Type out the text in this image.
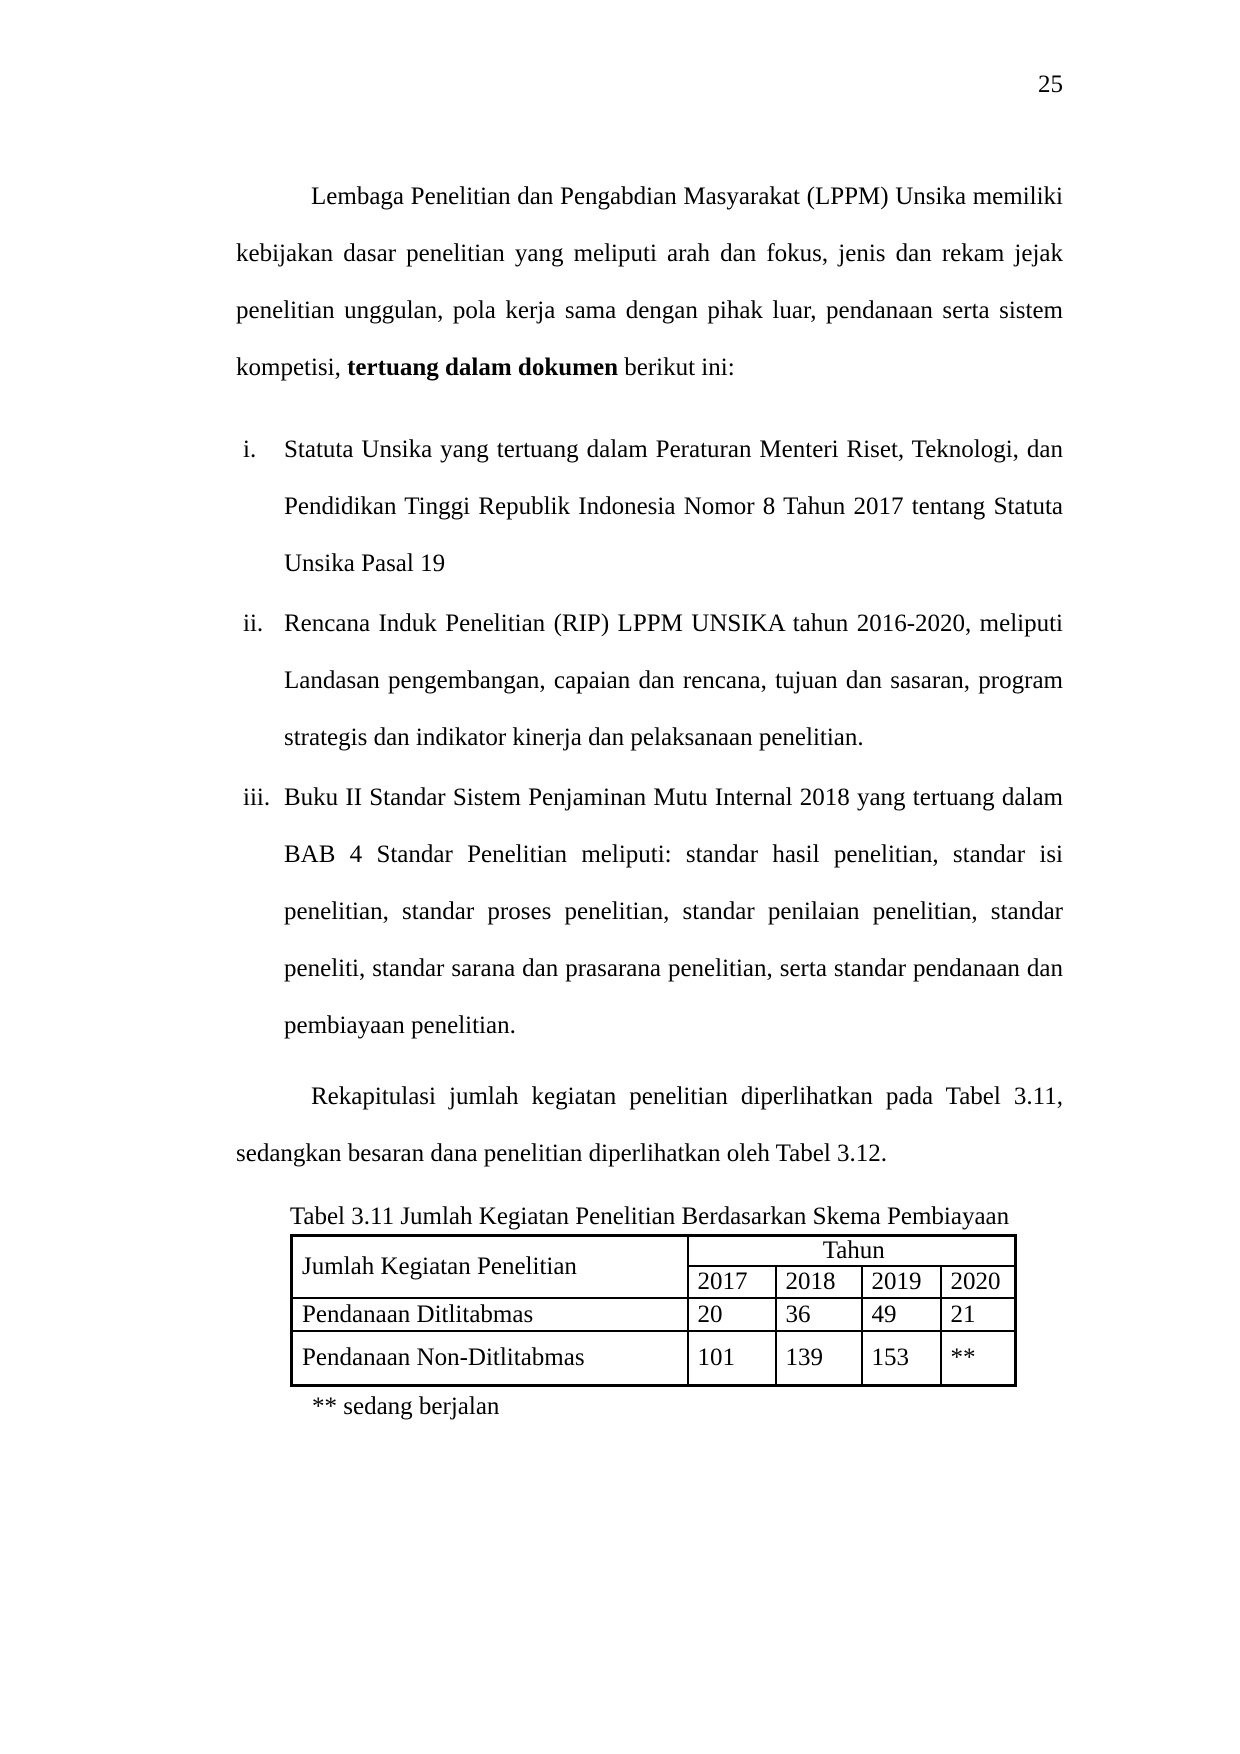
25
Lembaga Penelitian dan Pengabdian Masyarakat (LPPM) Unsika memiliki
kebijakan dasar penelitian yang meliputi arah dan fokus, jenis dan rekam jejak
penelitian unggulan, pola kerja sama dengan pihak luar, pendanaan serta sistem
kompetisi, tertuang dalam dokumen berikut ini:
i.	Statuta Unsika yang tertuang dalam Peraturan Menteri Riset, Teknologi, dan
Pendidikan Tinggi Republik Indonesia Nomor 8 Tahun 2017 tentang Statuta
Unsika Pasal 19
ii. Rencana Induk Penelitian (RIP) LPPM UNSIKA tahun 2016-2020, meliputi
Landasan pengembangan, capaian dan rencana, tujuan dan sasaran, program
strategis dan indikator kinerja dan pelaksanaan penelitian.
iii. Buku II Standar Sistem Penjaminan Mutu Internal 2018 yang tertuang dalam
BAB 4 Standar Penelitian meliputi: standar hasil penelitian, standar isi
penelitian, standar proses penelitian, standar penilaian penelitian, standar
peneliti, standar sarana dan prasarana penelitian, serta standar pendanaan dan
pembiayaan penelitian.
Rekapitulasi jumlah kegiatan penelitian diperlihatkan pada Tabel 3.11,
sedangkan besaran dana penelitian diperlihatkan oleh Tabel 3.12.
Tabel 3.11 Jumlah Kegiatan Penelitian Berdasarkan Skema Pembiayaan
Jumlah Kegiatan Penelitian	Tahun			
	2017	2018	2019	2020
Pendanaan Ditlitabmas	20	36	49	21
Pendanaan Non-Ditlitabmas	101	139	153	**
** sedang berjalan
